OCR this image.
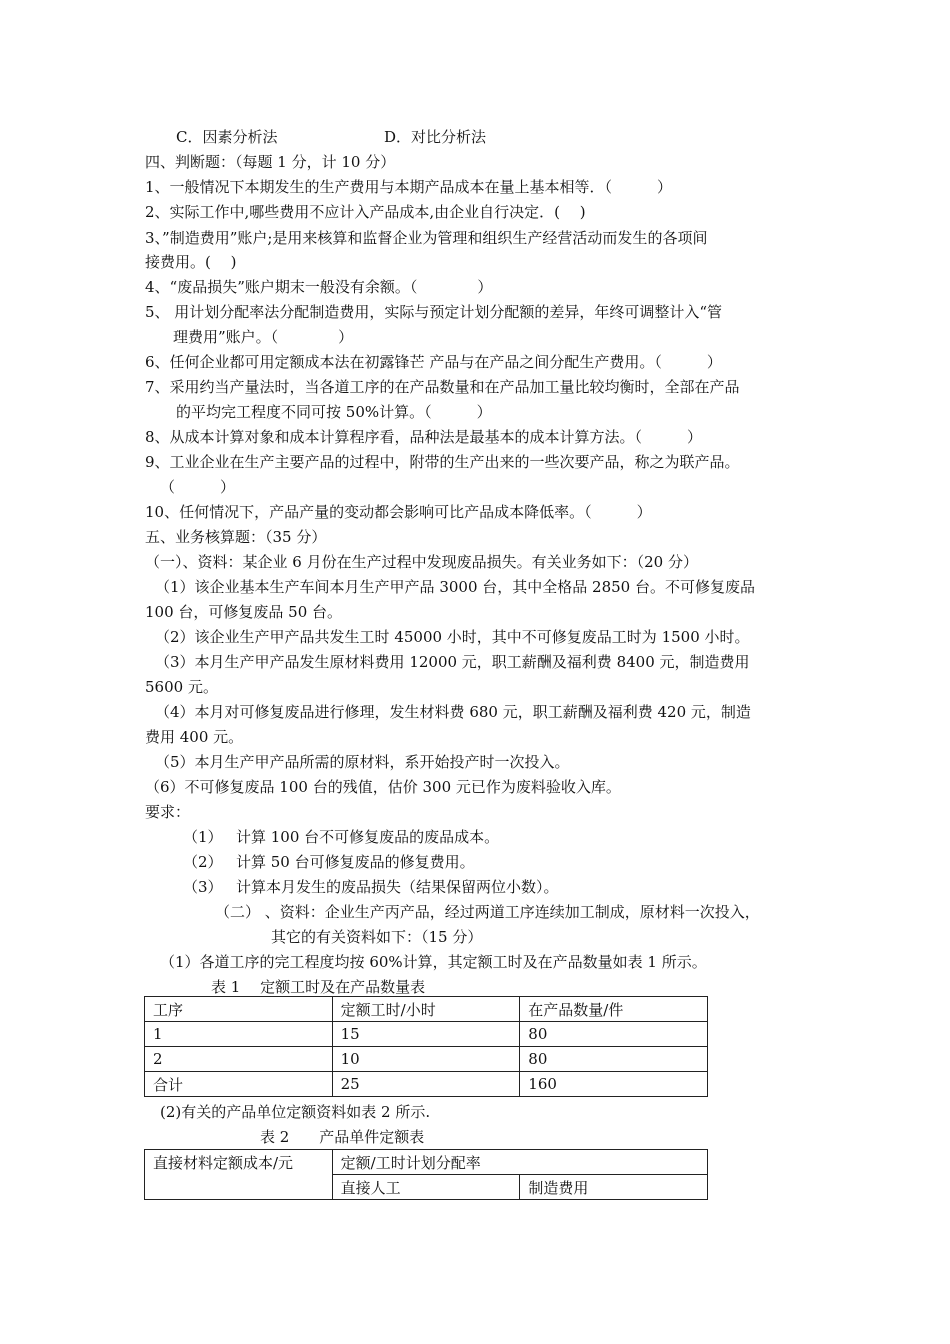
C．因素分析法	D．对比分析法
四、判断题：（每题 1 分，计 10 分）
1、一般情况下本期发生的生产费用与本期产品成本在量上基本相等．（　　　）
2、实际工作中,哪些费用不应计入产品成本,由企业自行决定．(　 )
3、”制造费用”账户;是用来核算和监督企业为管理和组织生产经营活动而发生的各项间
接费用。(　 )
4、“废品损失”账户期末一般没有余额。（　　　　）
5、 用计划分配率法分配制造费用，实际与预定计划分配额的差异，年终可调整计入“管
理费用”账户。（　　　　）
6、任何企业都可用定额成本法在初露锋芒 产品与在产品之间分配生产费用。（　　　）
7、采用约当产量法时，当各道工序的在产品数量和在产品加工量比较均衡时，全部在产品
的平均完工程度不同可按 50%计算。（　　　）
8、从成本计算对象和成本计算程序看，品种法是最基本的成本计算方法。（　　　）
9、工业企业在生产主要产品的过程中，附带的生产出来的一些次要产品，称之为联产品。
（　　　）
10、任何情况下，产品产量的变动都会影响可比产品成本降低率。（　　　）
五、业务核算题：（35 分）
（一）、资料：某企业 6 月份在生产过程中发现废品损失。有关业务如下：（20 分）
（1）该企业基本生产车间本月生产甲产品 3000 台，其中全格品 2850 台。不可修复废品
100 台，可修复废品 50 台。
（2）该企业生产甲产品共发生工时 45000 小时，其中不可修复废品工时为 1500 小时。
（3）本月生产甲产品发生原材料费用 12000 元，职工薪酬及福利费 8400 元，制造费用
5600 元。
（4）本月对可修复废品进行修理，发生材料费 680 元，职工薪酬及福利费 420 元，制造
费用 400 元。
（5）本月生产甲产品所需的原材料，系开始投产时一次投入。
（6）不可修复废品 100 台的残值，估价 300 元已作为废料验收入库。
要求：
（1） 计算 100 台不可修复废品的废品成本。
（2） 计算 50 台可修复废品的修复费用。
（3） 计算本月发生的废品损失（结果保留两位小数）。
（二） 、资料：企业生产丙产品，经过两道工序连续加工制成，原材料一次投入，
其它的有关资料如下：（15 分）
（1）各道工序的完工程度均按 60%计算，其定额工时及在产品数量如表 1 所示。
表 1　 定额工时及在产品数量表
工序	定额工时/小时	在产品数量/件
1	15	80
2	10	80
合计	25	160
(2)有关的产品单位定额资料如表 2 所示.
表 2　　产品单件定额表
直接材料定额成本/元	定额/工时计划分配率	
	直接人工	制造费用
